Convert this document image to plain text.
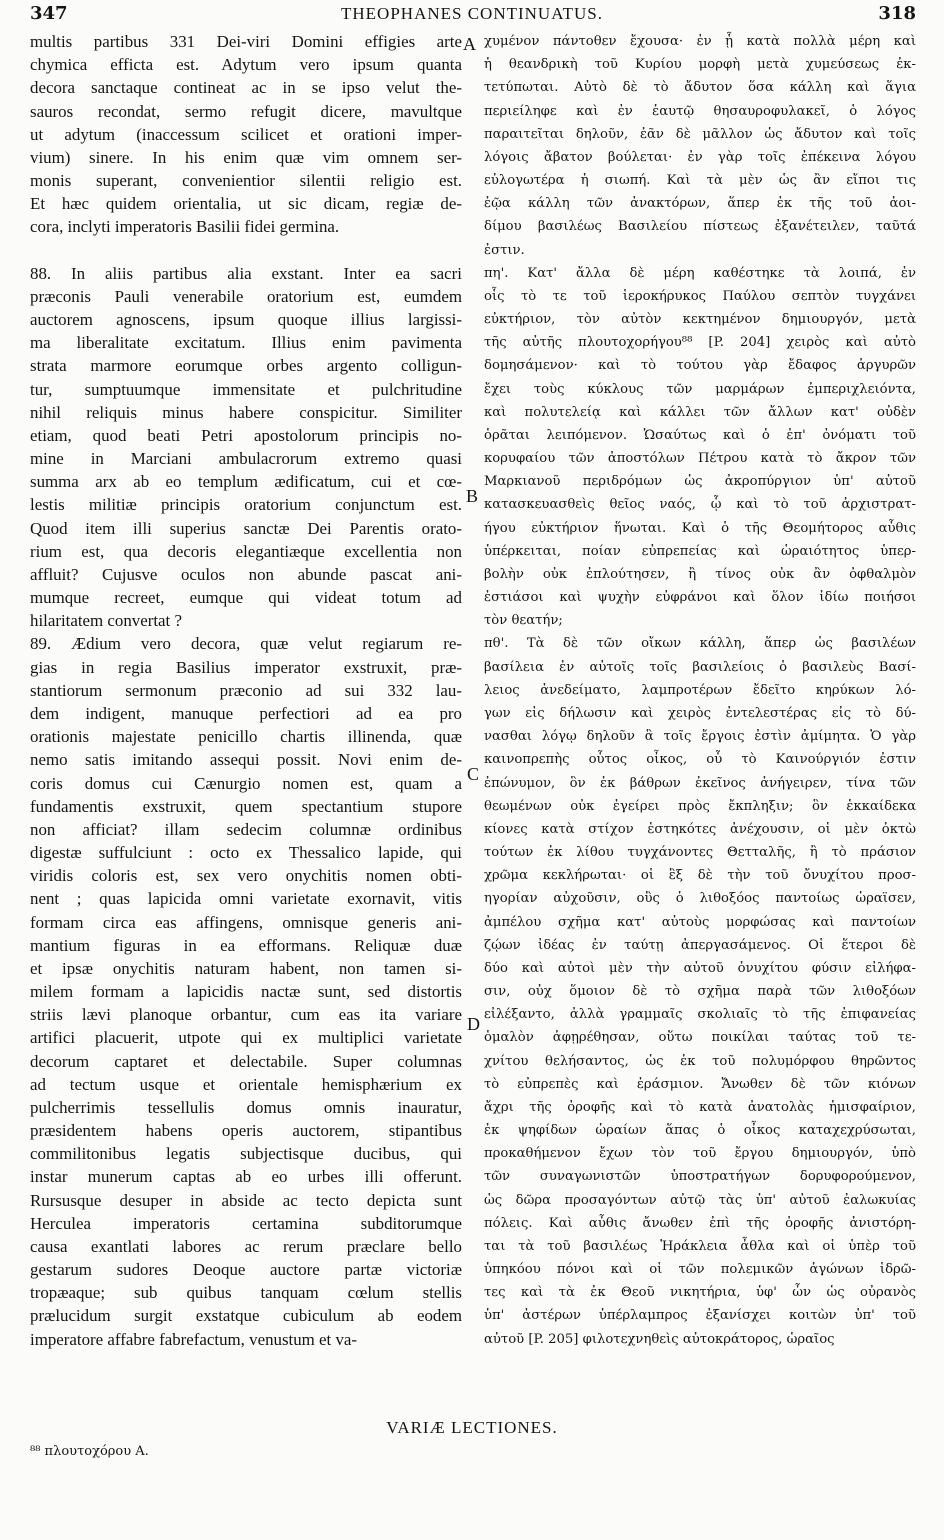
347	THEOPHANES CONTINUATUS.	318
multis partibus 331 Dei-viri Domini effigies arte
chymica efficta est. Adytum vero ipsum quanta
decora sanctaque contineat ac in se ipso velut the-
sauros recondat, sermo refugit dicere, mavultque
ut adytum (inaccessum scilicet et orationi imper-
vium) sinere. In his enim quæ vim omnem ser-
monis superant, convenientior silentii religio est.
Et hæc quidem orientalia, ut sic dicam, regiæ de-
cora, inclyti imperatoris Basilii fidei germina.
88. In aliis partibus alia exstant. Inter ea sacri
præconis Pauli venerabile oratorium est, eumdem
auctorem agnoscens, ipsum quoque illius largissi-
ma liberalitate excitatum. Illius enim pavimenta
strata marmore eorumque orbes argento colligun-
tur, sumptuumque immensitate et pulchritudine
nihil reliquis minus habere conspicitur. Similiter
etiam, quod beati Petri apostolorum principis no-
mine in Marciani ambulacrorum extremo quasi
summa arx ab eo templum ædificatum, cui et cœ-
lestis militiæ principis oratorium conjunctum est.
Quod item illi superius sanctæ Dei Parentis orato-
rium est, qua decoris elegantiæque excellentia non
affluit? Cujusve oculos non abunde pascat ani-
mumque recreet, eumque qui videat totum ad
hilaritatem convertat ?
89. Ædium vero decora, quæ velut regiarum re-
gias in regia Basilius imperator exstruxit, præ-
stantiorum sermonum præconio ad sui 332 lau-
dem indigent, manuque perfectiori ad ea pro
orationis majestate penicillo chartis illinenda, quæ
nemo satis imitando assequi possit. Novi enim de-
coris domus cui Cænurgio nomen est, quam a
fundamentis exstruxit, quem spectantium stupore
non afficiat? illam sedecim columnæ ordinibus
digestæ suffulciunt : octo ex Thessalico lapide, qui
viridis coloris est, sex vero onychitis nomen obti-
nent ; quas lapicida omni varietate exornavit, vitis
formam circa eas affingens, omnisque generis ani-
mantium figuras in ea efformans. Reliquæ duæ
et ipsæ onychitis naturam habent, non tamen si-
milem formam a lapicidis nactæ sunt, sed distortis
striis lævi planoque orbantur, cum eas ita variare
artifici placuerit, utpote qui ex multiplici varietate
decorum captaret et delectabile. Super columnas
ad tectum usque et orientale hemisphærium ex
pulcherrimis tessellulis domus omnis inauratur,
præsidentem habens operis auctorem, stipantibus
commilitonibus legatis subjectisque ducibus, qui
instar munerum captas ab eo urbes illi offerunt.
Rursusque desuper in abside ac tecto depicta sunt
Herculea imperatoris certamina subditorumque
causa exantlati labores ac rerum præclare bello
gestarum sudores Deoque auctore partæ victoriæ
tropæaque; sub quibus tanquam cœlum stellis
prælucidum surgit exstatque cubiculum ab eodem
imperatore affabre fabrefactum, venustum et va-
χυμένον πάντοθεν ἔχουσα· ἐν ᾗ κατὰ πολλὰ μέρη καὶ
ἡ θεανδρικὴ τοῦ Κυρίου μορφὴ μετὰ χυμεύσεως ἐκ-
τετύπωται. Αὐτὸ δὲ τὸ ἄδυτον ὅσα κάλλη καὶ ἅγια
περιείληφε καὶ ἐν ἑαυτῷ θησαυροφυλακεῖ, ὁ λόγος
παραιτεῖται δηλοῦν, ἐᾶν δὲ μᾶλλον ὡς ἄδυτον καὶ τοῖς
λόγοις ἄβατον βούλεται· ἐν γὰρ τοῖς ἐπέκεινα λόγου
εὐλογωτέρα ἡ σιωπή. Καὶ τὰ μὲν ὡς ἂν εἴποι τις
ἑῷα κάλλη τῶν ἀνακτόρων, ἅπερ ἐκ τῆς τοῦ ἀοι-
δίμου βασιλέως Βασιλείου πίστεως ἐξανέτειλεν, ταῦτά
ἐστιν.
πη'. Κατ' ἄλλα δὲ μέρη καθέστηκε τὰ λοιπά, ἐν
οἷς τὸ τε τοῦ ἱεροκήρυκος Παύλου σεπτὸν τυγχάνει
εὐκτήριον, τὸν αὐτὸν κεκτημένον δημιουργόν, μετὰ
τῆς αὐτῆς πλουτοχορήγου⁸⁸ [P. 204] χειρὸς καὶ αὐτὸ
δομησάμενον· καὶ τὸ τούτου γὰρ ἔδαφος ἀργυρῶν
ἔχει τοὺς κύκλους τῶν μαρμάρων ἐμπεριχλειόντα,
καὶ πολυτελείᾳ καὶ κάλλει τῶν ἄλλων κατ' οὐδὲν
ὁρᾶται λειπόμενον. Ὡσαύτως καὶ ὁ ἐπ' ὀνόματι τοῦ
κορυφαίου τῶν ἀποστόλων Πέτρου κατὰ τὸ ἄκρον τῶν
Μαρκιανοῦ περιδρόμων ὡς ἀκροπύργιον ὑπ' αὐτοῦ
κατασκευασθεὶς θεῖος ναός, ᾧ καὶ τὸ τοῦ ἀρχιστρατ-
ήγου εὐκτήριον ἥνωται. Καὶ ὁ τῆς Θεομήτορος αὖθις
ὑπέρκειται, ποίαν εὐπρεπείας καὶ ὡραιότητος ὑπερ-
βολὴν οὐκ ἐπλούτησεν, ἢ τίνος οὐκ ἂν ὀφθαλμὸν
ἑστιάσοι καὶ ψυχὴν εὐφράνοι καὶ ὅλον ἰδίω ποιήσοι
τὸν θεατήν;
πθ'. Τὰ δὲ τῶν οἴκων κάλλη, ἅπερ ὡς βασιλέων
βασίλεια ἐν αὐτοῖς τοῖς βασιλείοις ὁ βασιλεὺς Βασί-
λειος ἀνεδείματο, λαμπροτέρων ἔδεῖτο κηρύκων λό-
γων εἰς δήλωσιν καὶ χειρὸς ἐντελεστέρας εἰς τὸ δύ-
νασθαι λόγῳ δηλοῦν ἃ τοῖς ἔργοις ἐστὶν ἀμίμητα. Ὁ γὰρ
καινοπρεπὴς οὗτος οἶκος, οὗ τὸ Καινούργιόν ἐστιν
ἐπώνυμον, ὃν ἐκ βάθρων ἐκεῖνος ἀνήγειρεν, τίνα τῶν
θεωμένων οὐκ ἐγείρει πρὸς ἔκπληξιν; ὃν ἑκκαίδεκα
κίονες κατὰ στίχον ἑστηκότες ἀνέχουσιν, οἱ μὲν ὀκτὼ
τούτων ἐκ λίθου τυγχάνοντες Θετταλῆς, ἢ τὸ πράσιον
χρῶμα κεκλήρωται· οἱ ἓξ δὲ τὴν τοῦ ὄνυχίτου προσ-
ηγορίαν αὐχοῦσιν, οὓς ὁ λιθοξόος παντοίως ὡραϊσεν,
ἀμπέλου σχῆμα κατ' αὐτοὺς μορφώσας καὶ παντοίων
ζῴων ἰδέας ἐν ταύτῃ ἀπεργασάμενος. Οἱ ἕτεροι δὲ
δύο καὶ αὐτοὶ μὲν τὴν αὐτοῦ ὀνυχίτου φύσιν εἰλήφα-
σιν, οὐχ ὅμοιον δὲ τὸ σχῆμα παρὰ τῶν λιθοξόων
εἰλέξαντο, ἀλλὰ γραμμαῖς σκολιαῖς τὸ τῆς ἐπιφανείας
ὁμαλὸν ἀφῃρέθησαν, οὕτω ποικίλαι ταύτας τοῦ τε-
χνίτου θελήσαντος, ὡς ἐκ τοῦ πολυμόρφου θηρῶντος
τὸ εὐπρεπὲς καὶ ἐράσμιον. Ἄνωθεν δὲ τῶν κιόνων
ἄχρι τῆς ὀροφῆς καὶ τὸ κατὰ ἀνατολὰς ἡμισφαίριον,
ἐκ ψηφίδων ὡραίων ἅπας ὁ οἶκος καταχεχρύσωται,
προκαθήμενον ἔχων τὸν τοῦ ἔργου δημιουργόν, ὑπὸ
τῶν συναγωνιστῶν ὑποστρατήγων δορυφορούμενον,
ὡς δῶρα προσαγόντων αὐτῷ τὰς ὑπ' αὐτοῦ ἐαλωκυίας
πόλεις. Καὶ αὖθις ἄνωθεν ἐπὶ τῆς ὀροφῆς ἀνιστόρη-
ται τὰ τοῦ βασιλέως Ἡράκλεια ἆθλα καὶ οἱ ὑπὲρ τοῦ
ὑπηκόου πόνοι καὶ οἱ τῶν πολεμικῶν ἀγώνων ἱδρῶ-
τες καὶ τὰ ἐκ Θεοῦ νικητήρια, ὑφ' ὧν ὡς οὐρανὸς
ὑπ' ἀστέρων ὑπέρλαμπρος ἐξανίσχει κοιτὼν ὑπ' τοῦ
αὐτοῦ [P. 205] φιλοτεχνηθεὶς αὐτοκράτορος, ὡραῖος
A
B
C
D
VARIÆ LECTIONES.
⁸⁸ πλουτοχόρου A.
